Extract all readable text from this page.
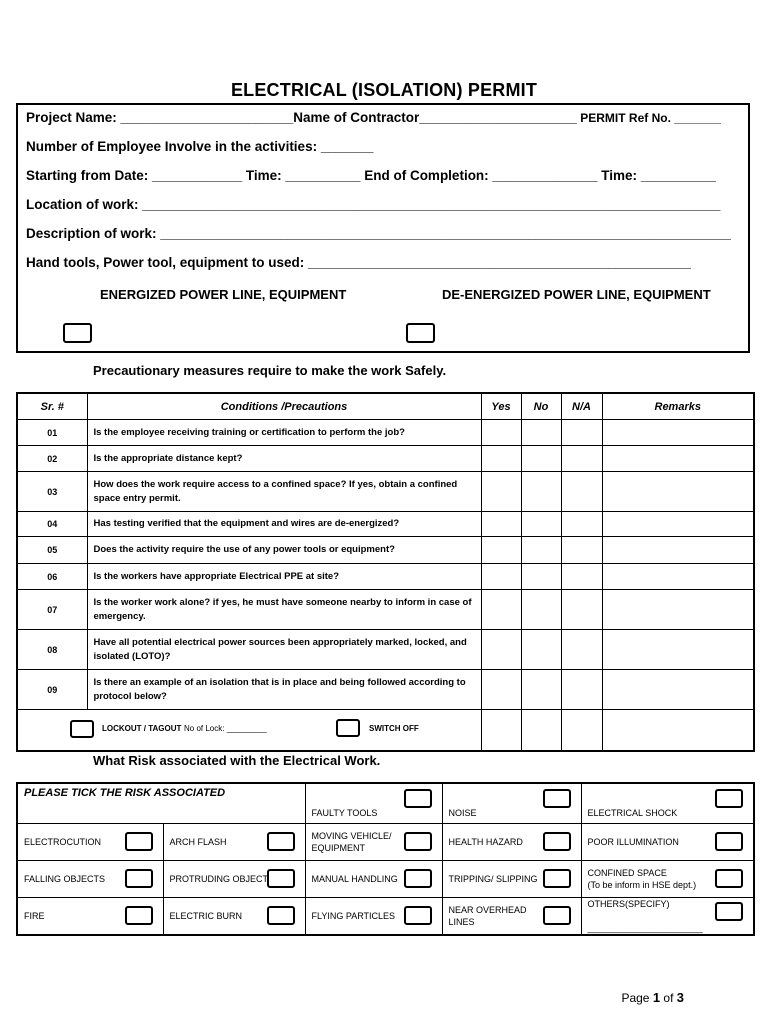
ELECTRICAL (ISOLATION) PERMIT
Project Name: _______________________Name of Contractor_____________________ PERMIT Ref No. _______
Number of Employee Involve in the activities: _______
Starting from Date: ____________ Time: __________ End of Completion: ______________ Time: __________
Location of work: _____________________________________________________________________________
Description of work: ____________________________________________________________________________
Hand tools, Power tool, equipment to used: ___________________________________________________
ENERGIZED POWER LINE, EQUIPMENT	DE-ENERGIZED POWER LINE, EQUIPMENT
Precautionary measures require to make the work Safely.
Sr. #	Conditions /Precautions	Yes	No	N/A	Remarks
01	Is the employee receiving training or certification to perform the job?				
02	Is the appropriate distance kept?				
03	How does the work require access to a confined space? If yes, obtain a confined space entry permit.				
04	Has testing verified that the equipment and wires are de-energized?				
05	Does the activity require the use of any power tools or equipment?				
06	Is the workers have appropriate Electrical PPE at site?				
07	Is the worker work alone? if yes, he must have someone nearby to inform in case of emergency.				
08	Have all potential electrical power sources been appropriately marked, locked, and isolated (LOTO)?				
09	Is there an example of an isolation that is in place and being followed according to protocol below?				

LOCKOUT / TAGOUT No of Lock: _________ SWITCH OFF					

What Risk associated with the Electrical Work.
PLEASE TICK THE RISK ASSOCIATED		FAULTY TOOLS	NOISE	ELECTRICAL SHOCK

ELECTROCUTION	ARCH FLASH	MOVING VEHICLE/ EQUIPMENT	HEALTH HAZARD	POOR ILLUMINATION

FALLING OBJECTS	PROTRUDING OBJECT	MANUAL HANDLING	TRIPPING/ SLIPPING	CONFINED SPACE
(To be inform in HSE dept.)

FIRE	ELECTRIC BURN	FLYING PARTICLES	NEAR OVERHEAD LINES	OTHERS(SPECIFY)

_______________________
Page 1 of 3
